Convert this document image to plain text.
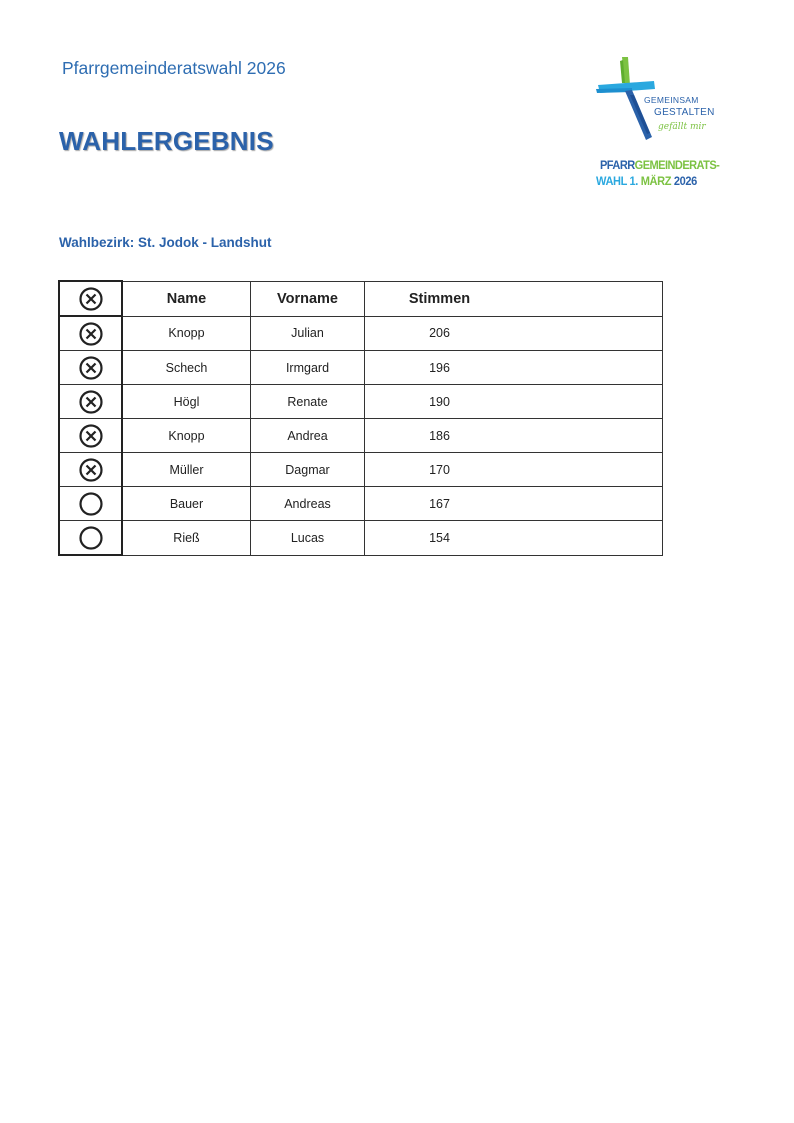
Pfarrgemeinderatswahl 2026
WAHLERGEBNIS
Wahlbezirk: St. Jodok - Landshut
GEMEINSAM
GESTALTEN
gefällt mir
PFARRGEMEINDERATS-
WAHL 1. MÄRZ 2026
	Name	Vorname	Stimmen

	Knopp	Julian	206

	Schech	Irmgard	196

	Högl	Renate	190

	Knopp	Andrea	186

	Müller	Dagmar	170

	Bauer	Andreas	167

	Rieß	Lucas	154
